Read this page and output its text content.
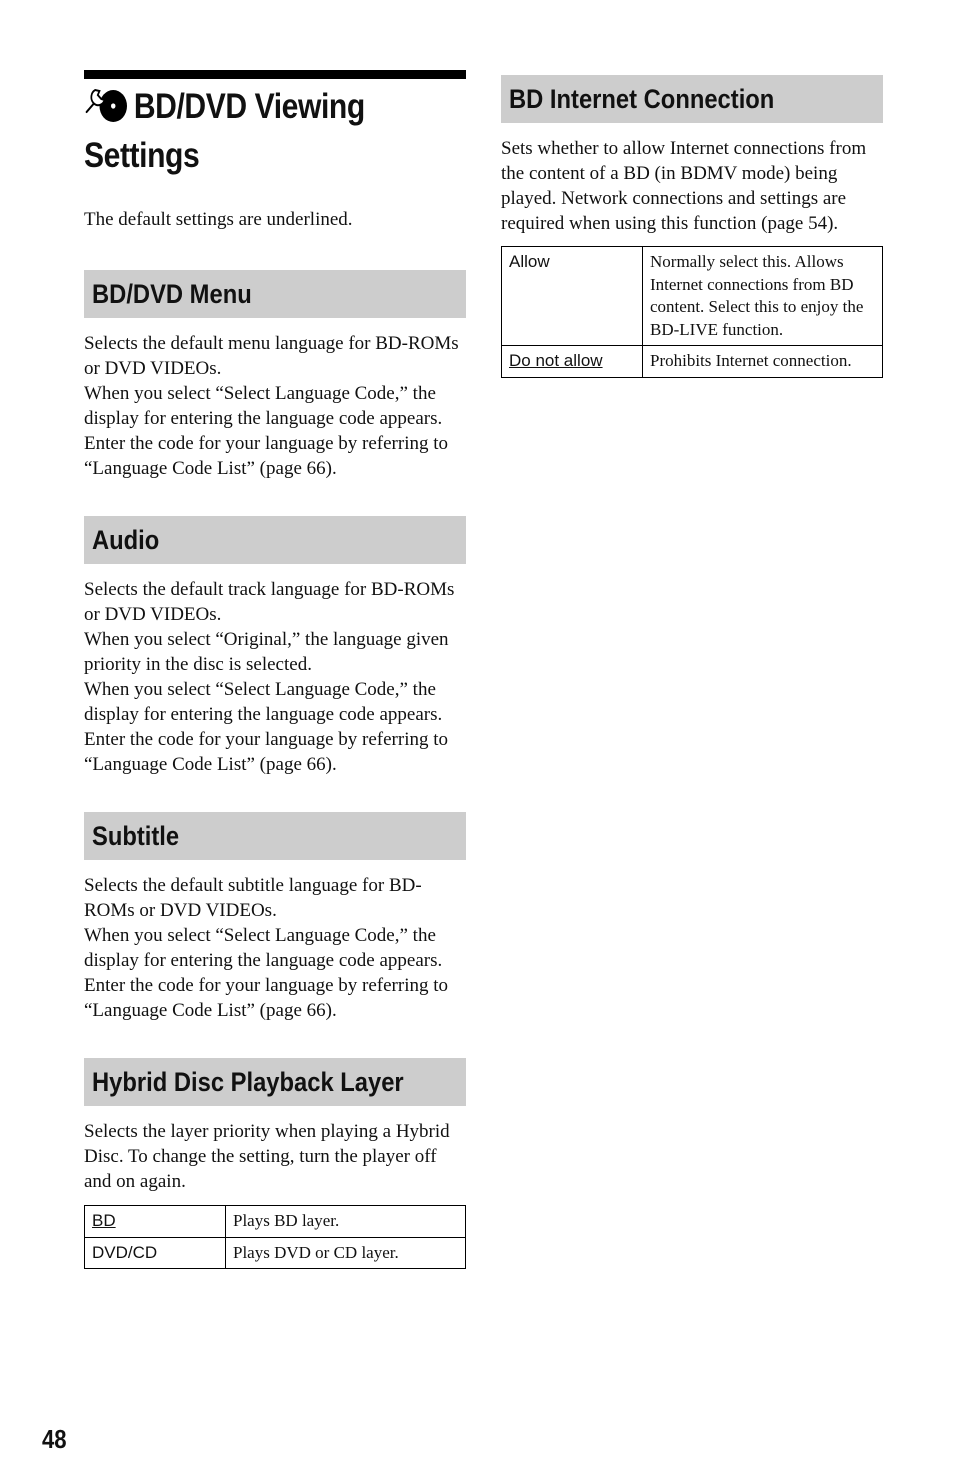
BD/DVD Viewing Settings

The default settings are underlined.

BD/DVD Menu

Selects the default menu language for BD-ROMs or DVD VIDEOs.

When you select “Select Language Code,” the display for entering the language code appears. Enter the code for your language by referring to “Language Code List” (page 66).

Audio

Selects the default track language for BD-ROMs or DVD VIDEOs.

When you select “Original,” the language given priority in the disc is selected.

When you select “Select Language Code,” the display for entering the language code appears. Enter the code for your language by referring to “Language Code List” (page 66).

Subtitle

Selects the default subtitle language for BD-ROMs or DVD VIDEOs.

When you select “Select Language Code,” the display for entering the language code appears. Enter the code for your language by referring to “Language Code List” (page 66).

Hybrid Disc Playback Layer

Selects the layer priority when playing a Hybrid Disc. To change the setting, turn the player off and on again.

BD	Plays BD layer.
DVD/CD	Plays DVD or CD layer.
BD Internet Connection

Sets whether to allow Internet connections from the content of a BD (in BDMV mode) being played. Network connections and settings are required when using this function (page 54).

Allow	Normally select this. Allows Internet connections from BD content. Select this to enjoy the BD-LIVE function.
Do not allow	Prohibits Internet connection.
48
